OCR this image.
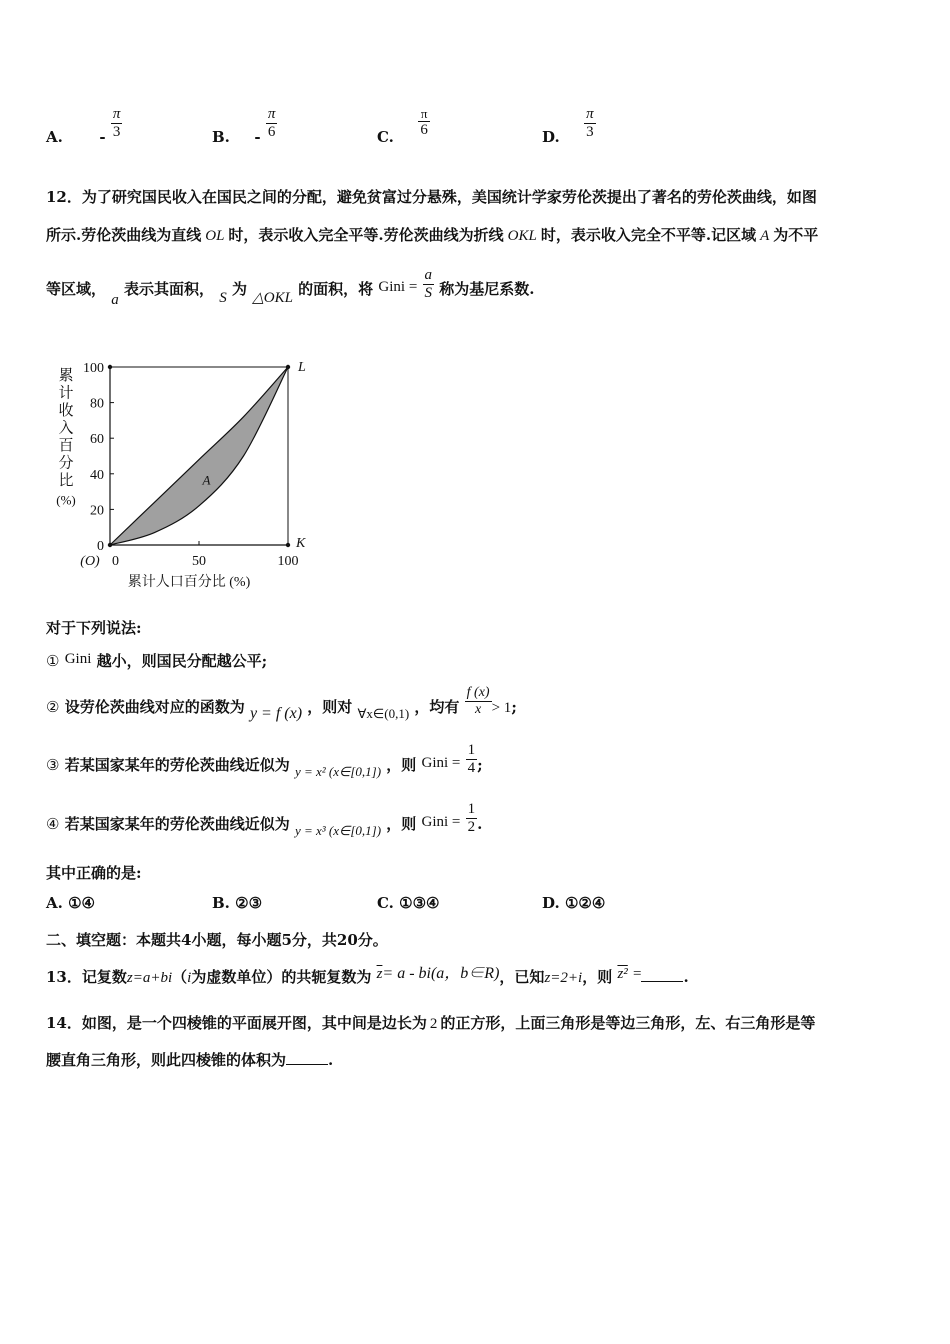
A. - $\frac{\pi}{3}$	B. - $\frac{\pi}{6}$	C. $\frac{\pi}{6}$	D. $\frac{\pi}{3}$
12．为了研究国民收入在国民之间的分配，避免贫富过分悬殊，美国统计学家劳伦茨提出了著名的劳伦茨曲线，如图
所示.劳伦茨曲线为直线 OL 时，表示收入完全平等.劳伦茨曲线为折线 OKL 时，表示收入完全不平等.记区域 A 为不平
等区域， a 表示其面积， S 为 △OKL 的面积，将 Gini = $\frac{a}{S}$ 称为基尼系数.
100
80
60
40
20
0
0	50	100
(O)
L
K
A
累
计
收
入
百
分
比
(%)
累计人口百分比 (%)
对于下列说法:
① Gini 越小，则国民分配越公平;
② 设劳伦茨曲线对应的函数为 y = f (x) ，则对 ∀x∈(0,1) ，均有 $\frac{f (x)}{x} > 1$;
③ 若某国家某年的劳伦茨曲线近似为 y = x² (x∈[0,1]) ，则 Gini = $\frac{1}{4}$ ;
④ 若某国家某年的劳伦茨曲线近似为 y = x³ (x∈[0,1]) ，则 Gini = $\frac{1}{2}$ .
其中正确的是:
A. ①④	B. ②③	C. ①③④	D. ①②④
二、填空题：本题共4小题，每小题5分，共20分。
13．记复数z=a+bi（i为虚数单位）的共轭复数为 $\overline{z}= a - bi(a$，b∈R)，已知z=2+i，则 z² =	.
14．如图，是一个四棱锥的平面展开图，其中间是边长为 2 的正方形，上面三角形是等边三角形，左、右三角形是等
腰直角三角形，则此四棱锥的体积为	.
